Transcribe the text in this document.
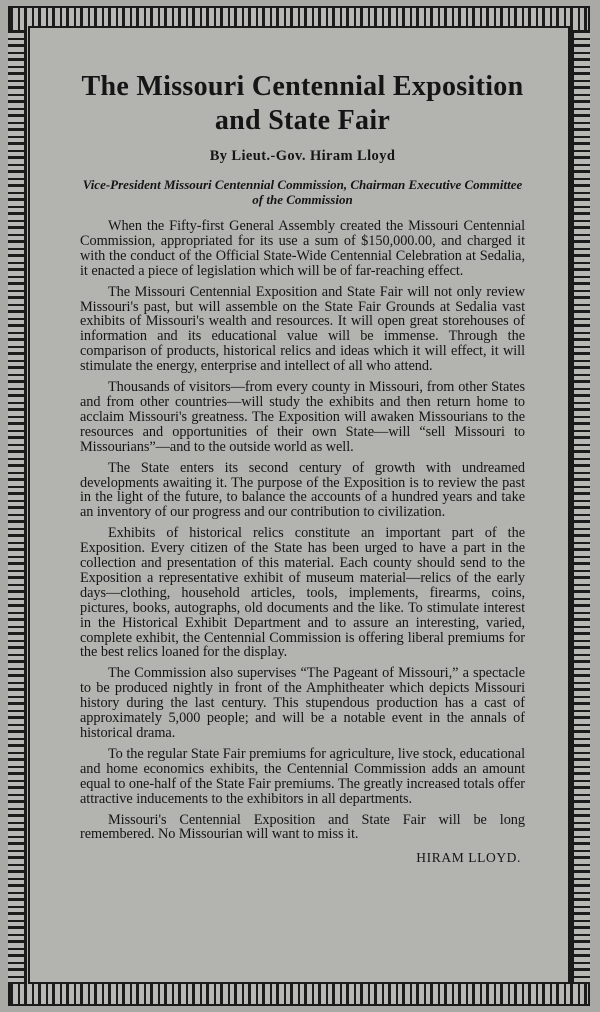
The Missouri Centennial Exposition and State Fair
By Lieut.-Gov. Hiram Lloyd
Vice-President Missouri Centennial Commission, Chairman Executive Committee of the Commission

When the Fifty-first General Assembly created the Missouri Centennial Commission, appropriated for its use a sum of $150,000.00, and charged it with the conduct of the Official State-Wide Centennial Celebration at Sedalia, it enacted a piece of legislation which will be of far-reaching effect.

The Missouri Centennial Exposition and State Fair will not only review Missouri's past, but will assemble on the State Fair Grounds at Sedalia vast exhibits of Missouri's wealth and resources. It will open great storehouses of information and its educational value will be immense. Through the comparison of products, historical relics and ideas which it will effect, it will stimulate the energy, enterprise and intellect of all who attend.

Thousands of visitors—from every county in Missouri, from other States and from other countries—will study the exhibits and then return home to acclaim Missouri's greatness. The Exposition will awaken Missourians to the resources and opportunities of their own State—will “sell Missouri to Missourians”—and to the outside world as well.

The State enters its second century of growth with undreamed developments awaiting it. The purpose of the Exposition is to review the past in the light of the future, to balance the accounts of a hundred years and take an inventory of our progress and our contribution to civilization.

Exhibits of historical relics constitute an important part of the Exposition. Every citizen of the State has been urged to have a part in the collection and presentation of this material. Each county should send to the Exposition a representative exhibit of museum material—relics of the early days—clothing, household articles, tools, implements, firearms, coins, pictures, books, autographs, old documents and the like. To stimulate interest in the Historical Exhibit Department and to assure an interesting, varied, complete exhibit, the Centennial Commission is offering liberal premiums for the best relics loaned for the display.

The Commission also supervises “The Pageant of Missouri,” a spectacle to be produced nightly in front of the Amphitheater which depicts Missouri history during the last century. This stupendous production has a cast of approximately 5,000 people; and will be a notable event in the annals of historical drama.

To the regular State Fair premiums for agriculture, live stock, educational and home economics exhibits, the Centennial Commission adds an amount equal to one-half of the State Fair premiums. The greatly increased totals offer attractive inducements to the exhibitors in all departments.

Missouri's Centennial Exposition and State Fair will be long remembered. No Missourian will want to miss it.

HIRAM LLOYD.
